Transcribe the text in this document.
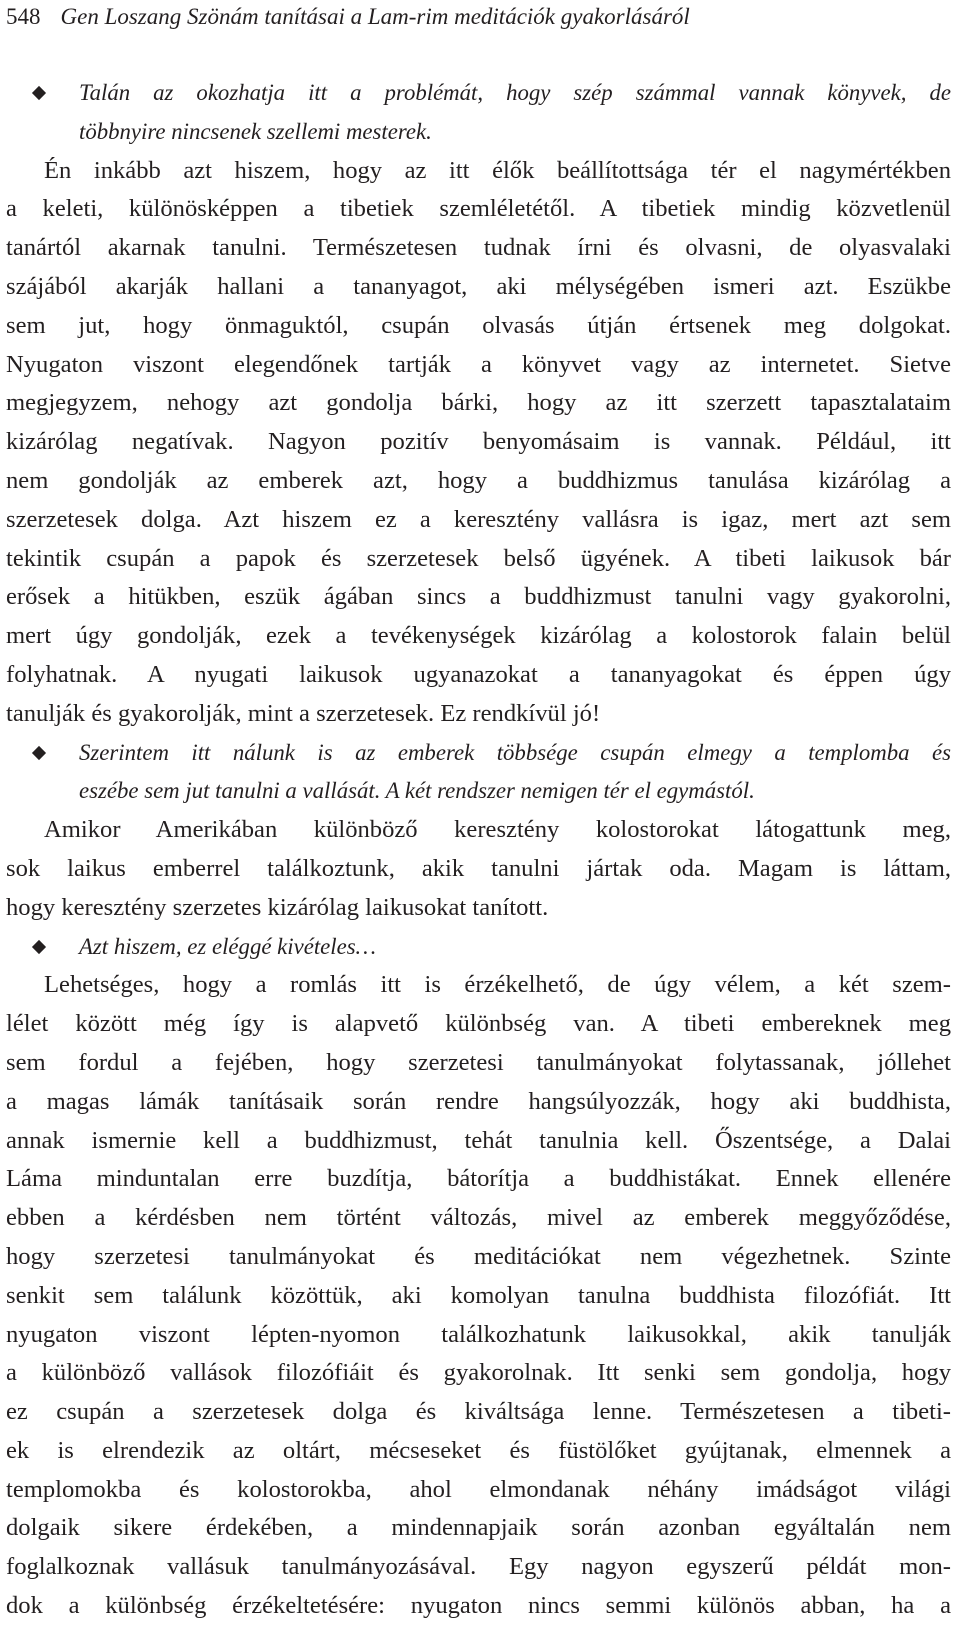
548 Gen Loszang Szönám tanításai a Lam-rim meditációk gyakorlásáról
Talán az okozhatja itt a problémát, hogy szép számmal vannak könyvek, de
többnyire nincsenek szellemi mesterek.
Én inkább azt hiszem, hogy az itt élők beállítottsága tér el nagymértékben
a keleti, különösképpen a tibetiek szemléletétől. A tibetiek mindig közvetlenül
tanártól akarnak tanulni. Természetesen tudnak írni és olvasni, de olyasvalaki
szájából akarják hallani a tananyagot, aki mélységében ismeri azt. Eszükbe
sem jut, hogy önmaguktól, csupán olvasás útján értsenek meg dolgokat.
Nyugaton viszont elegendőnek tartják a könyvet vagy az internetet. Sietve
megjegyzem, nehogy azt gondolja bárki, hogy az itt szerzett tapasztalataim
kizárólag negatívak. Nagyon pozitív benyomásaim is vannak. Például, itt
nem gondolják az emberek azt, hogy a buddhizmus tanulása kizárólag a
szerzetesek dolga. Azt hiszem ez a keresztény vallásra is igaz, mert azt sem
tekintik csupán a papok és szerzetesek belső ügyének. A tibeti laikusok bár
erősek a hitükben, eszük ágában sincs a buddhizmust tanulni vagy gyakorolni,
mert úgy gondolják, ezek a tevékenységek kizárólag a kolostorok falain belül
folyhatnak. A nyugati laikusok ugyanazokat a tananyagokat és éppen úgy
tanulják és gyakorolják, mint a szerzetesek. Ez rendkívül jó!
Szerintem itt nálunk is az emberek többsége csupán elmegy a templomba és
eszébe sem jut tanulni a vallását. A két rendszer nemigen tér el egymástól.
Amikor Amerikában különböző keresztény kolostorokat látogattunk meg,
sok laikus emberrel találkoztunk, akik tanulni jártak oda. Magam is láttam,
hogy keresztény szerzetes kizárólag laikusokat tanított.
Azt hiszem, ez eléggé kivételes…
Lehetséges, hogy a romlás itt is érzékelhető, de úgy vélem, a két szem-
lélet között még így is alapvető különbség van. A tibeti embereknek meg
sem fordul a fejében, hogy szerzetesi tanulmányokat folytassanak, jóllehet
a magas lámák tanításaik során rendre hangsúlyozzák, hogy aki buddhista,
annak ismernie kell a buddhizmust, tehát tanulnia kell. Őszentsége, a Dalai
Láma minduntalan erre buzdítja, bátorítja a buddhistákat. Ennek ellenére
ebben a kérdésben nem történt változás, mivel az emberek meggyőződése,
hogy szerzetesi tanulmányokat és meditációkat nem végezhetnek. Szinte
senkit sem találunk közöttük, aki komolyan tanulna buddhista filozófiát. Itt
nyugaton viszont lépten-nyomon találkozhatunk laikusokkal, akik tanulják
a különböző vallások filozófiáit és gyakorolnak. Itt senki sem gondolja, hogy
ez csupán a szerzetesek dolga és kiváltsága lenne. Természetesen a tibeti-
ek is elrendezik az oltárt, mécseseket és füstölőket gyújtanak, elmennek a
templomokba és kolostorokba, ahol elmondanak néhány imádságot világi
dolgaik sikere érdekében, a mindennapjaik során azonban egyáltalán nem
foglalkoznak vallásuk tanulmányozásával. Egy nagyon egyszerű példát mon-
dok a különbség érzékeltetésére: nyugaton nincs semmi különös abban, ha a
